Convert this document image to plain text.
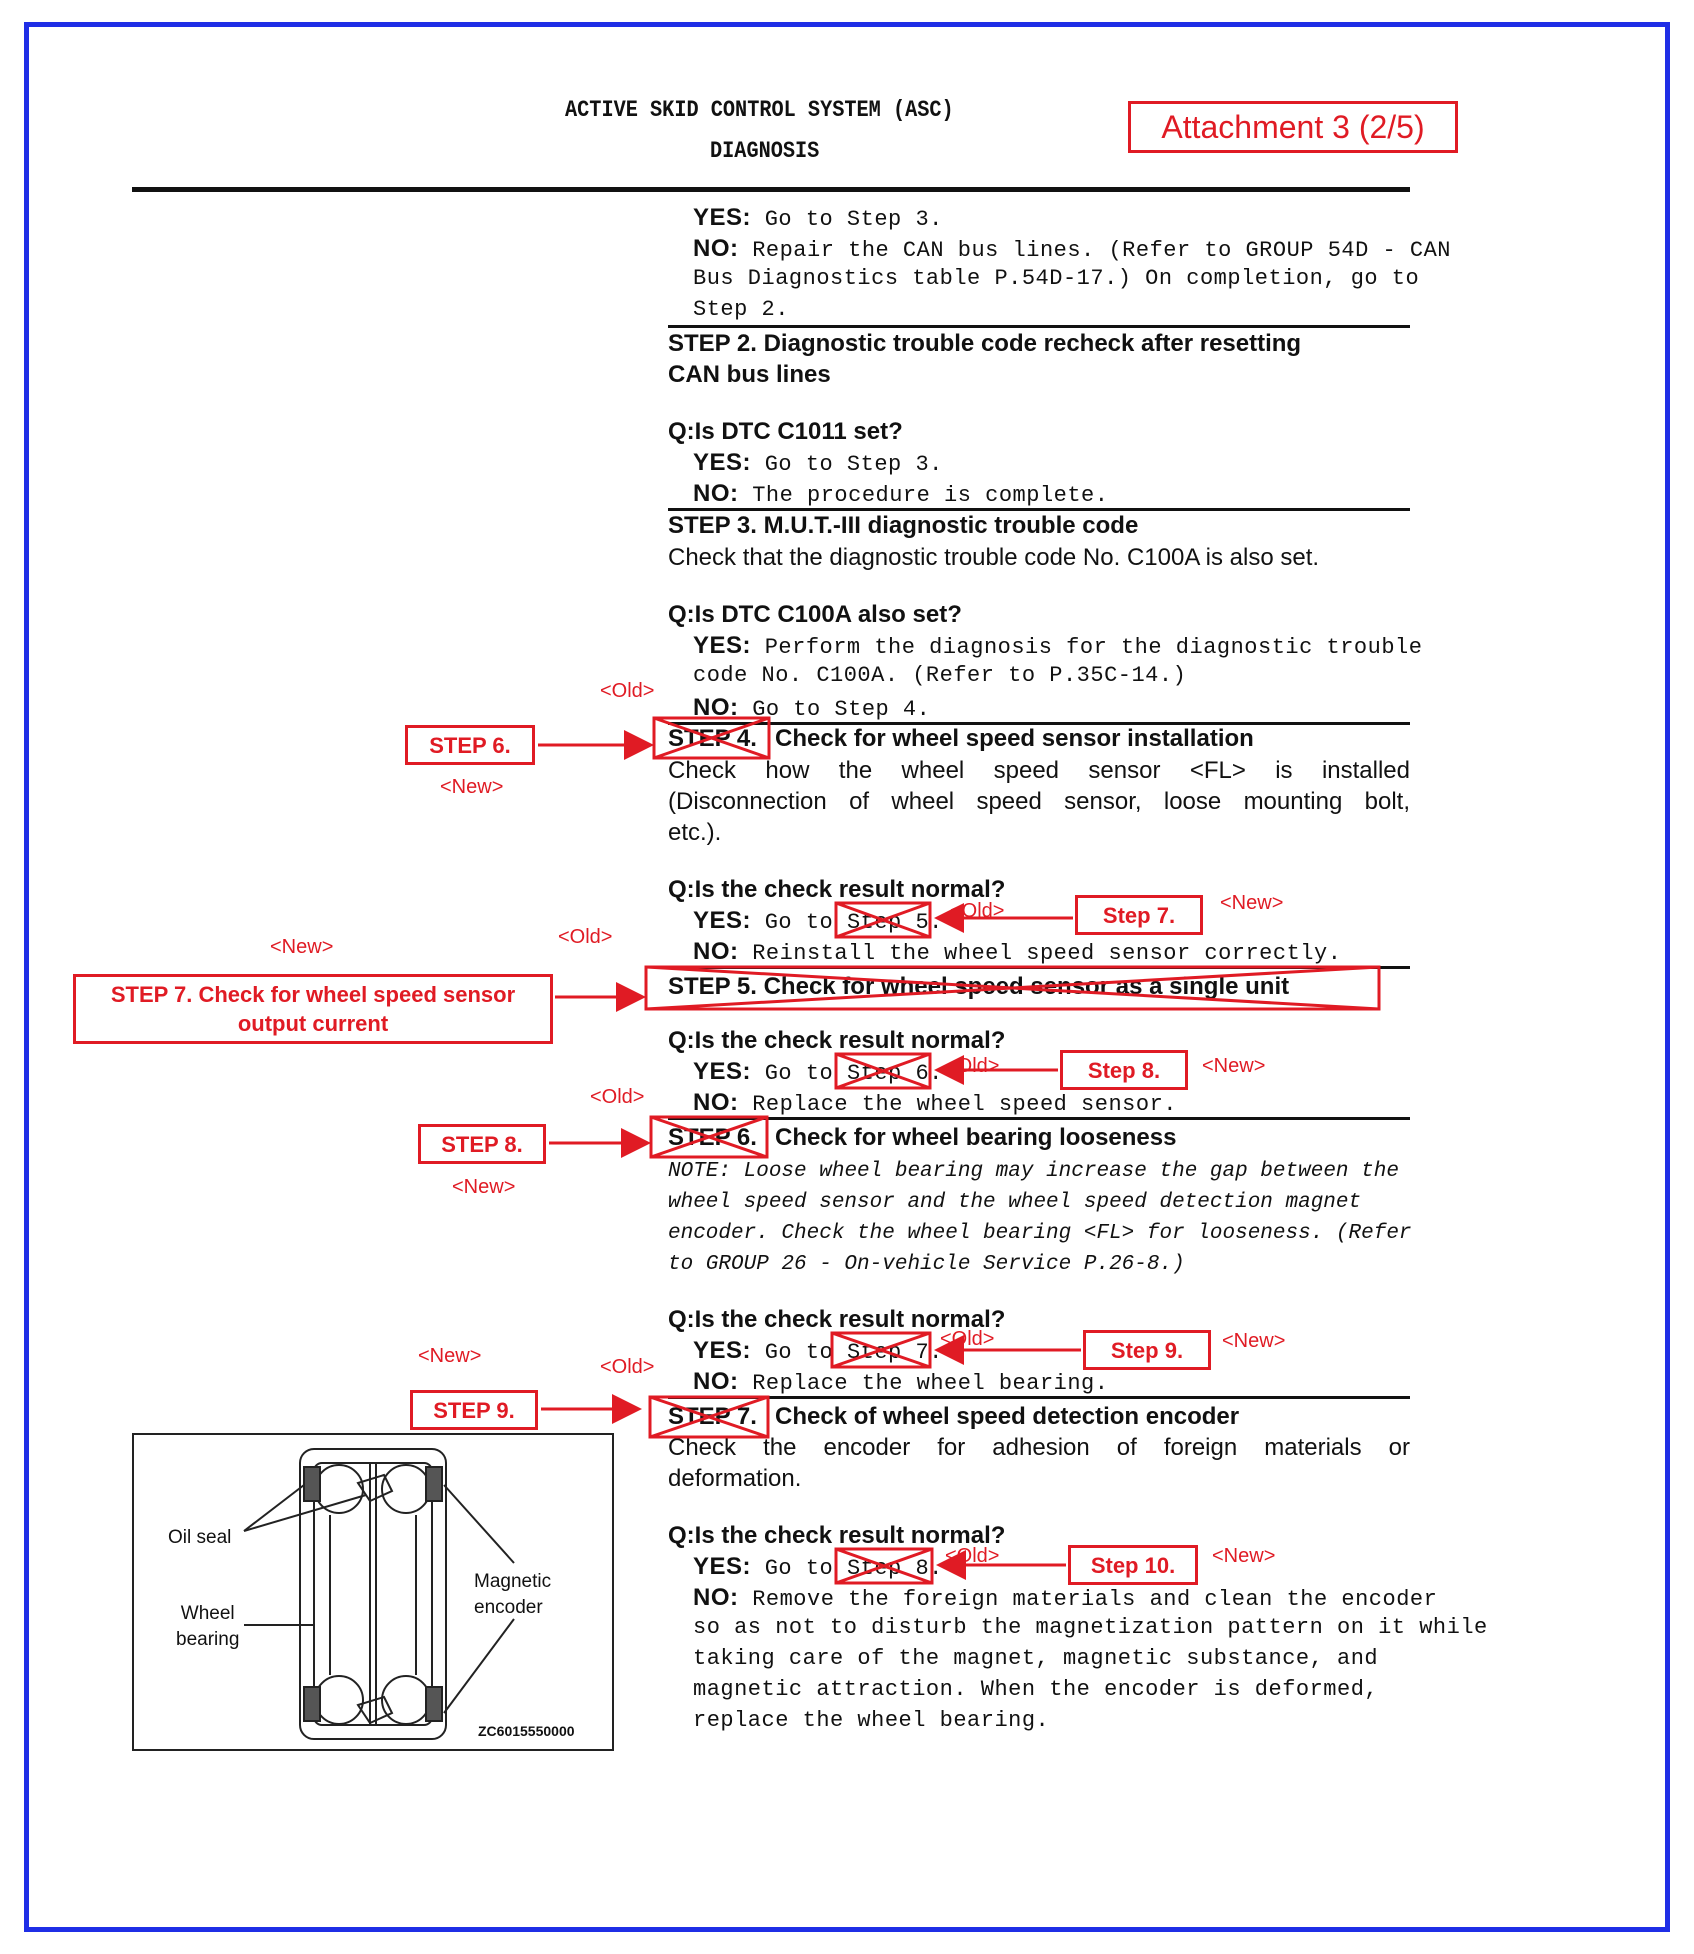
ACTIVE SKID CONTROL SYSTEM (ASC)
DIAGNOSIS
Attachment 3 (2/5)
YES: Go to Step 3.
NO: Repair the CAN bus lines. (Refer to GROUP 54D - CAN
Bus Diagnostics table P.54D-17.) On completion, go to
Step 2.
STEP 2. Diagnostic trouble code recheck after resetting
CAN bus lines
Q:Is DTC C1011 set?
YES: Go to Step 3.
NO: The procedure is complete.
STEP 3. M.U.T.-III diagnostic trouble code
Check that the diagnostic trouble code No. C100A is also set.
Q:Is DTC C100A also set?
YES: Perform the diagnosis for the diagnostic trouble
code No. C100A. (Refer to P.35C-14.)
NO: Go to Step 4.
STEP 4. Check for wheel speed sensor installation
Check how the wheel speed sensor <FL> is installed
(Disconnection of wheel speed sensor, loose mounting bolt,
etc.).
Q:Is the check result normal?
YES: Go to Step 5.
NO: Reinstall the wheel speed sensor correctly.
STEP 5. Check for wheel speed sensor as a single unit
Q:Is the check result normal?
YES: Go to Step 6.
NO: Replace the wheel speed sensor.
STEP 6. Check for wheel bearing looseness
NOTE: Loose wheel bearing may increase the gap between the
wheel speed sensor and the wheel speed detection magnet
encoder. Check the wheel bearing <FL> for looseness. (Refer
to GROUP 26 - On-vehicle Service P.26-8.)
Q:Is the check result normal?
YES: Go to Step 7.
NO: Replace the wheel bearing.
STEP 7. Check of wheel speed detection encoder
Check the encoder for adhesion of foreign materials or
deformation.
Q:Is the check result normal?
YES: Go to Step 8.
NO: Remove the foreign materials and clean the encoder
so as not to disturb the magnetization pattern on it while
taking care of the magnet, magnetic substance, and
magnetic attraction. When the encoder is deformed,
replace the wheel bearing.
STEP 6.
STEP 7. Check for wheel speed sensor
output current
STEP 8.
STEP 9.
Step 7.
Step 8.
Step 9.
Step 10.
<Old>
<New>
<Old>	<New>
<New>	<Old>
<Old>	<New>
<Old>
<New>
<Old>	<New>
<New>	<Old>
<Old>	<New>
Oil seal
Magnetic
encoder
Wheel
bearing
ZC6015550000
